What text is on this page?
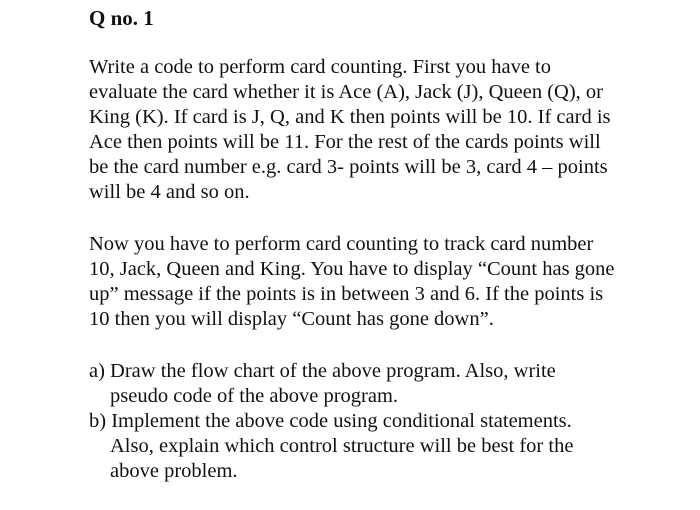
Q no. 1
Write a code to perform card counting. First you have to
evaluate the card whether it is Ace (A), Jack (J), Queen (Q), or
King (K). If card is J, Q, and K then points will be 10. If card is
Ace then points will be 11. For the rest of the cards points will
be the card number e.g. card 3- points will be 3, card 4 – points
will be 4 and so on.
Now you have to perform card counting to track card number
10, Jack, Queen and King. You have to display “Count has gone
up” message if the points is in between 3 and 6. If the points is
10 then you will display “Count has gone down”.
a) Draw the flow chart of the above program. Also, write
pseudo code of the above program.
b) Implement the above code using conditional statements.
Also, explain which control structure will be best for the
above problem.
